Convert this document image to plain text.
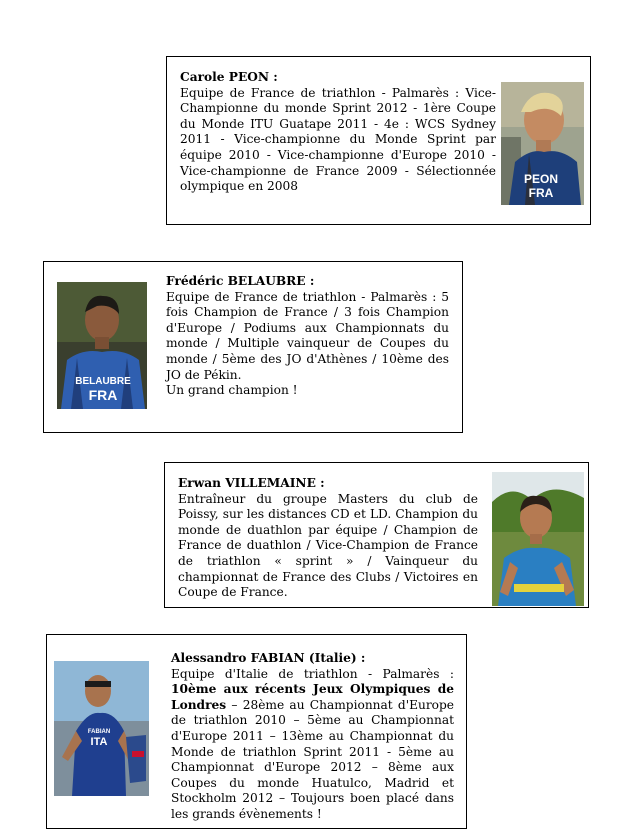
Carole PEON :
Equipe de France de triathlon - Palmarès : Vice-Championne du monde Sprint 2012 - 1ère Coupe du Monde ITU Guatape 2011 - 4e : WCS Sydney 2011 - Vice-championne du Monde Sprint par équipe 2010 - Vice-championne d'Europe 2010 - Vice-championne de France 2009 - Sélectionnée olympique en 2008
PEON
FRA
BELAUBRE
FRA
Frédéric BELAUBRE :
Equipe de France de triathlon - Palmarès : 5 fois Champion de France / 3 fois Champion d'Europe / Podiums aux Championnats du monde / Multiple vainqueur de Coupes du monde / 5ème des JO d'Athènes / 10ème des JO de Pékin.
Un grand champion !
Erwan VILLEMAINE :
Entraîneur du groupe Masters du club de Poissy, sur les distances CD et LD. Champion du monde de duathlon par équipe / Champion de France de duathlon / Vice-Champion de France de triathlon « sprint » / Vainqueur du championnat de France des Clubs / Victoires en Coupe de France.
ITA
FABIAN
Alessandro FABIAN (Italie) :
Equipe d'Italie de triathlon - Palmarès : 10ème aux récents Jeux Olympiques de Londres – 28ème au Championnat d'Europe de triathlon 2010 – 5ème au Championnat d'Europe 2011 – 13ème au Championnat du Monde de triathlon Sprint 2011 - 5ème au Championnat d'Europe 2012 – 8ème aux Coupes du monde Huatulco, Madrid et Stockholm 2012 – Toujours boen placé dans les grands évènements !
